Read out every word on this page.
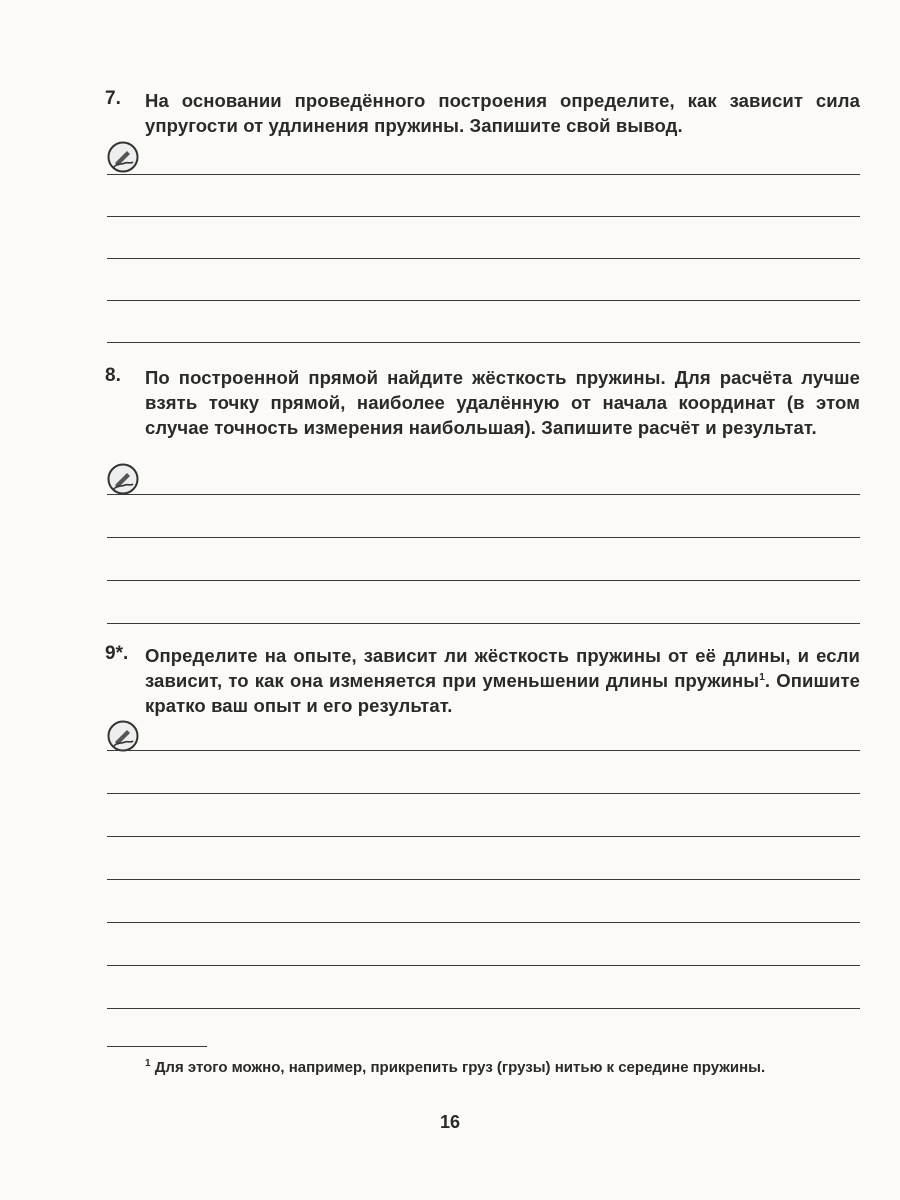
7. На основании проведённого построения определите, как зависит сила упругости от удлинения пружины. Запишите свой вывод.
8. По построенной прямой найдите жёсткость пружины. Для расчёта лучше взять точку прямой, наиболее удалённую от начала координат (в этом случае точность измерения наибольшая). Запишите расчёт и результат.
9*. Определите на опыте, зависит ли жёсткость пружины от её длины, и если зависит, то как она изменяется при уменьшении длины пружины$^1$. Опишите кратко ваш опыт и его результат.
$^1$ Для этого можно, например, прикрепить груз (грузы) нитью к середине пружины.
16
